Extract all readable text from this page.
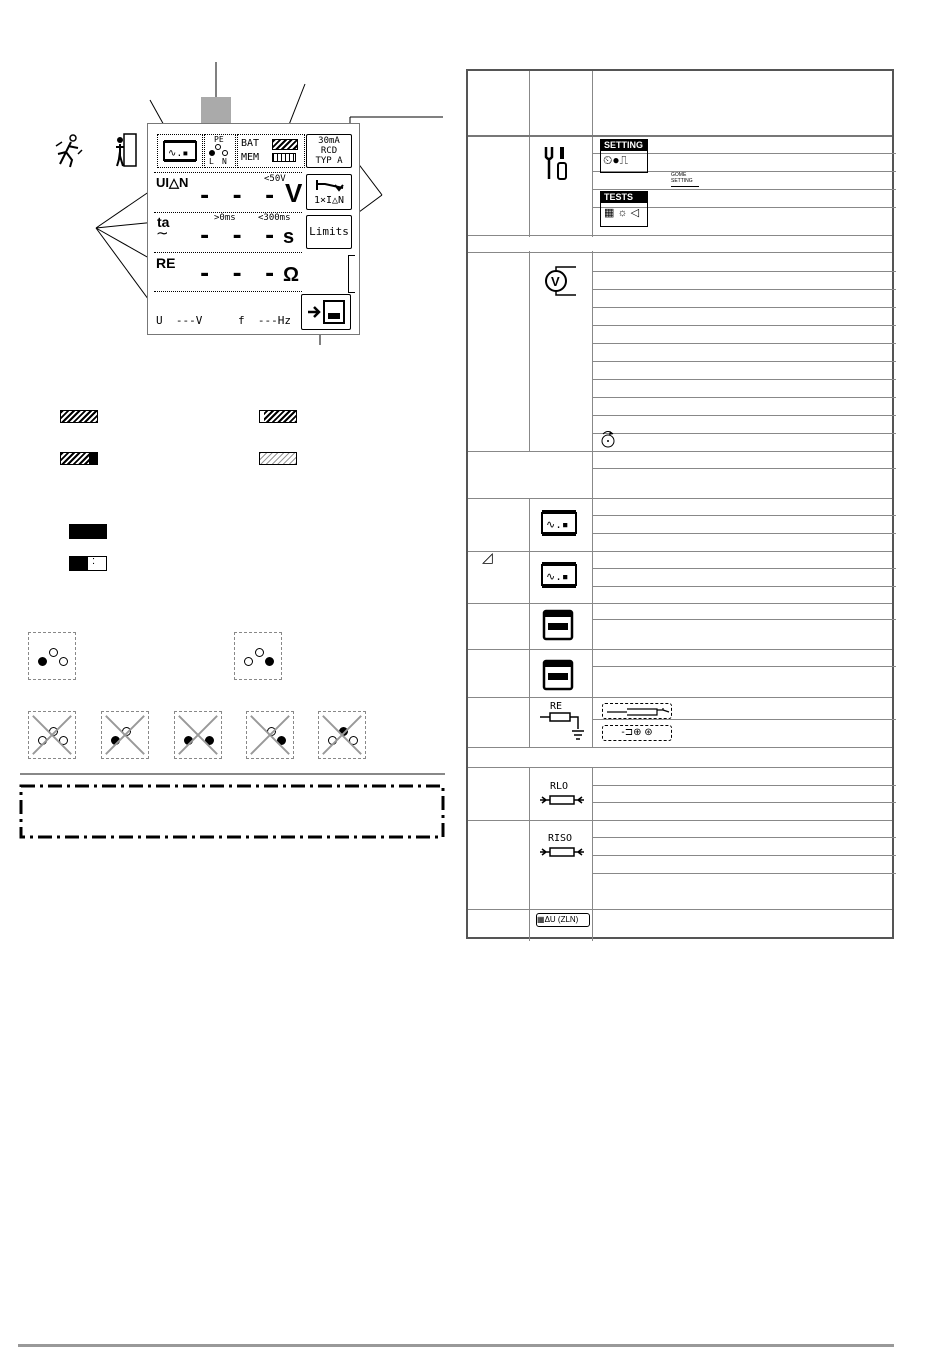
∿.▪
PE
L N
BAT
MEM
30mA
RCD
TYP A
UI△N	<50V
- - - V	1×I△N
ta
∼
>0ms <300ms
- - - s Limits
RE - - - Ω
U  ---V	f  ---Hz
:
SETTING
⏲●⎍
GOME SETTING
TESTS
▦ ☼ ◁
V
∿.▪
◿
∿.▪
RE
-⊐⊕ ⊛
RLO
RISO
▦ΔU (ZLN)
